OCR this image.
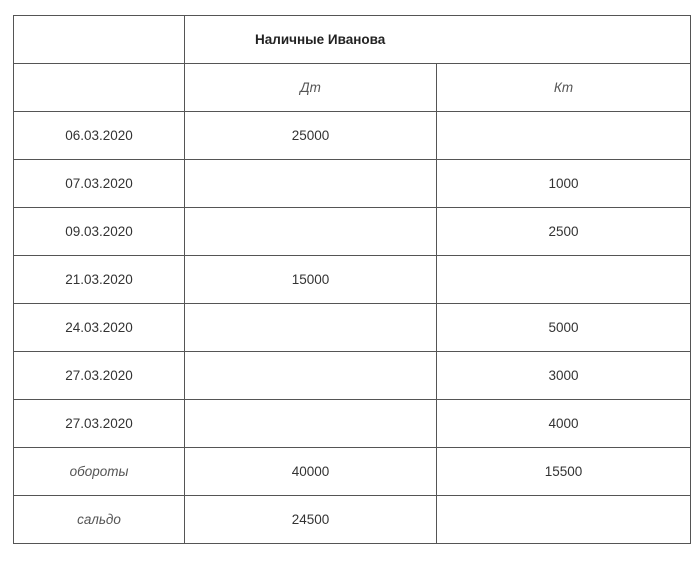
	Наличные Иванова	
	Дт	Кт
06.03.2020	25000	
07.03.2020		1000
09.03.2020		2500
21.03.2020	15000	
24.03.2020		5000
27.03.2020		3000
27.03.2020		4000
обороты	40000	15500
сальдо	24500	
